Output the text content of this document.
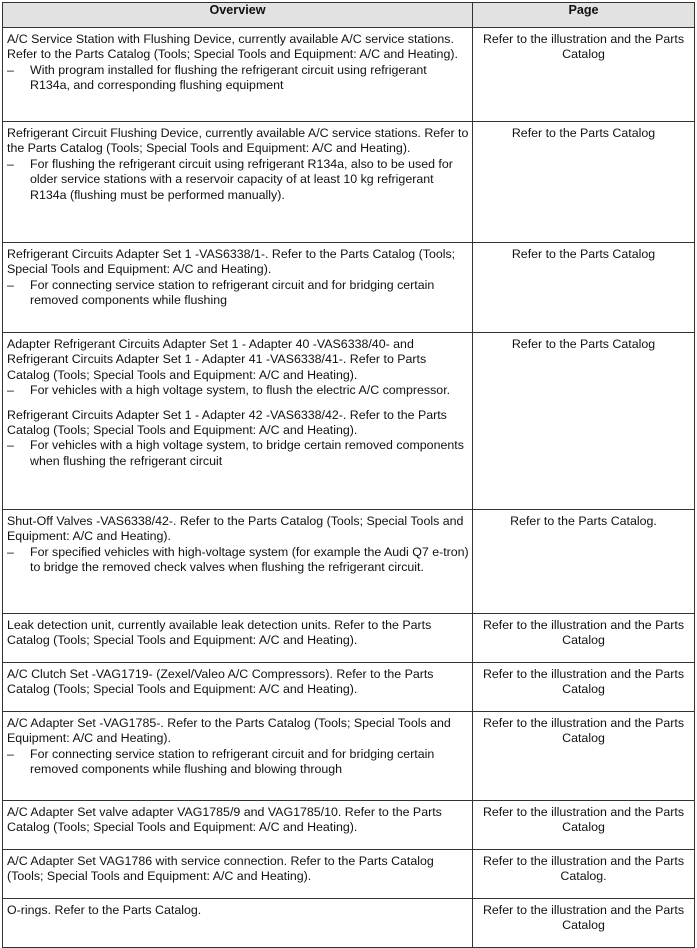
Overview	Page

A/C Service Station with Flushing Device, currently available A/C service stations. Refer to the Parts Catalog (Tools; Special Tools and Equipment: A/C and Heating).
– With program installed for flushing the refrigerant circuit using refrigerant R134a, and corresponding flushing equipment	Refer to the illustration and the Parts Catalog

Refrigerant Circuit Flushing Device, currently available A/C service stations. Refer to the Parts Catalog (Tools; Special Tools and Equipment: A/C and Heating).
– For flushing the refrigerant circuit using refrigerant R134a, also to be used for older service stations with a reservoir capacity of at least 10 kg refrigerant R134a (flushing must be performed manually).	Refer to the Parts Catalog

Refrigerant Circuits Adapter Set 1 -VAS6338/1-. Refer to the Parts Catalog (Tools; Special Tools and Equipment: A/C and Heating).
– For connecting service station to refrigerant circuit and for bridging certain removed components while flushing	Refer to the Parts Catalog

Adapter Refrigerant Circuits Adapter Set 1 - Adapter 40 -VAS6338/40- and Refrigerant Circuits Adapter Set 1 - Adapter 41 -VAS6338/41-. Refer to Parts Catalog (Tools; Special Tools and Equipment: A/C and Heating).
– For vehicles with a high voltage system, to flush the electric A/C compressor.
Refrigerant Circuits Adapter Set 1 - Adapter 42 -VAS6338/42-. Refer to the Parts Catalog (Tools; Special Tools and Equipment: A/C and Heating).
– For vehicles with a high voltage system, to bridge certain removed components when flushing the refrigerant circuit	Refer to the Parts Catalog

Shut-Off Valves -VAS6338/42-. Refer to the Parts Catalog (Tools; Special Tools and Equipment: A/C and Heating).
– For specified vehicles with high-voltage system (for example the Audi Q7 e-tron) to bridge the removed check valves when flushing the refrigerant circuit.	Refer to the Parts Catalog.

Leak detection unit, currently available leak detection units. Refer to the Parts Catalog (Tools; Special Tools and Equipment: A/C and Heating).	Refer to the illustration and the Parts Catalog

A/C Clutch Set -VAG1719- (Zexel/Valeo A/C Compressors). Refer to the Parts Catalog (Tools; Special Tools and Equipment: A/C and Heating).	Refer to the illustration and the Parts Catalog

A/C Adapter Set -VAG1785-. Refer to the Parts Catalog (Tools; Special Tools and Equipment: A/C and Heating).
– For connecting service station to refrigerant circuit and for bridging certain removed components while flushing and blowing through	Refer to the illustration and the Parts Catalog

A/C Adapter Set valve adapter VAG1785/9 and VAG1785/10. Refer to the Parts Catalog (Tools; Special Tools and Equipment: A/C and Heating).	Refer to the illustration and the Parts Catalog

A/C Adapter Set VAG1786 with service connection. Refer to the Parts Catalog (Tools; Special Tools and Equipment: A/C and Heating).	Refer to the illustration and the Parts Catalog.

O-rings. Refer to the Parts Catalog.	Refer to the illustration and the Parts Catalog
